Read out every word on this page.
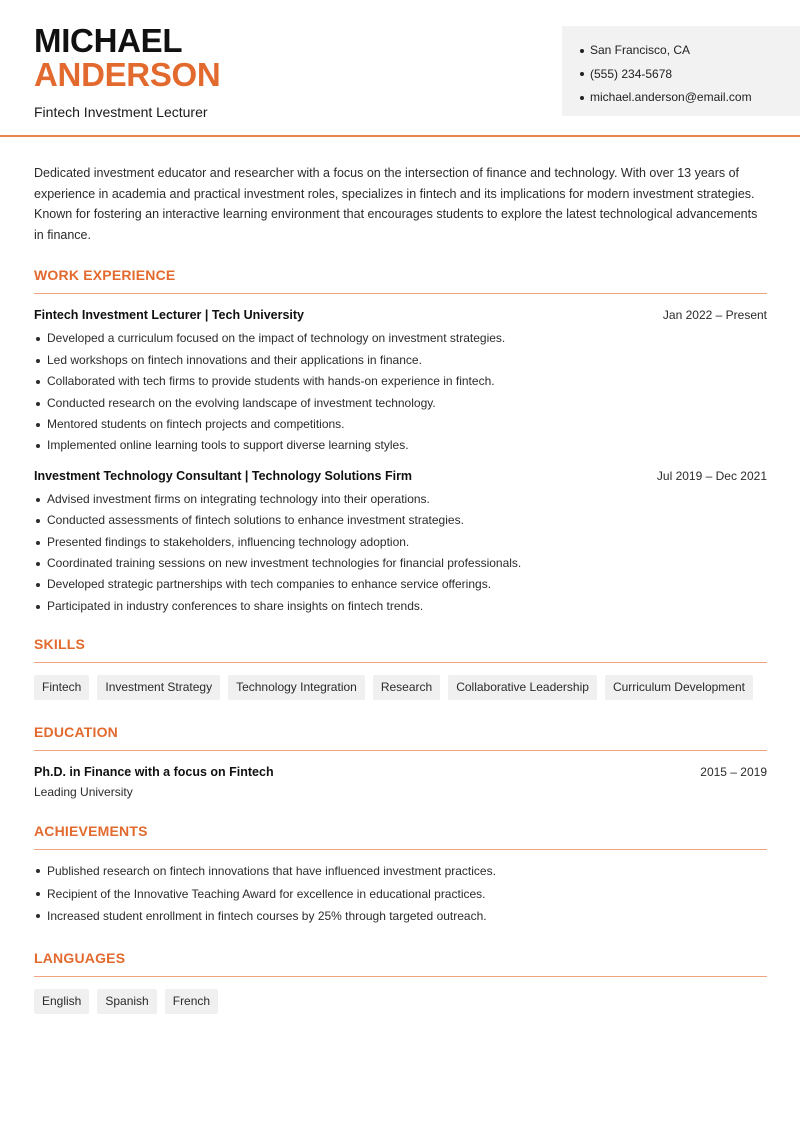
MICHAEL
ANDERSON
Fintech Investment Lecturer
San Francisco, CA
(555) 234-5678
michael.anderson@email.com

Dedicated investment educator and researcher with a focus on the intersection of finance and technology. With over 13 years of experience in academia and practical investment roles, specializes in fintech and its implications for modern investment strategies. Known for fostering an interactive learning environment that encourages students to explore the latest technological advancements in finance.

WORK EXPERIENCE
Fintech Investment Lecturer | Tech University	Jan 2022 – Present
Developed a curriculum focused on the impact of technology on investment strategies.
Led workshops on fintech innovations and their applications in finance.
Collaborated with tech firms to provide students with hands-on experience in fintech.
Conducted research on the evolving landscape of investment technology.
Mentored students on fintech projects and competitions.
Implemented online learning tools to support diverse learning styles.
Investment Technology Consultant | Technology Solutions Firm	Jul 2019 – Dec 2021
Advised investment firms on integrating technology into their operations.
Conducted assessments of fintech solutions to enhance investment strategies.
Presented findings to stakeholders, influencing technology adoption.
Coordinated training sessions on new investment technologies for financial professionals.
Developed strategic partnerships with tech companies to enhance service offerings.
Participated in industry conferences to share insights on fintech trends.
SKILLS
Fintech	Investment Strategy	Technology Integration	Research	Collaborative Leadership	Curriculum Development
EDUCATION
Ph.D. in Finance with a focus on Fintech	2015 – 2019
Leading University
ACHIEVEMENTS
Published research on fintech innovations that have influenced investment practices.
Recipient of the Innovative Teaching Award for excellence in educational practices.
Increased student enrollment in fintech courses by 25% through targeted outreach.
LANGUAGES
English	Spanish	French
